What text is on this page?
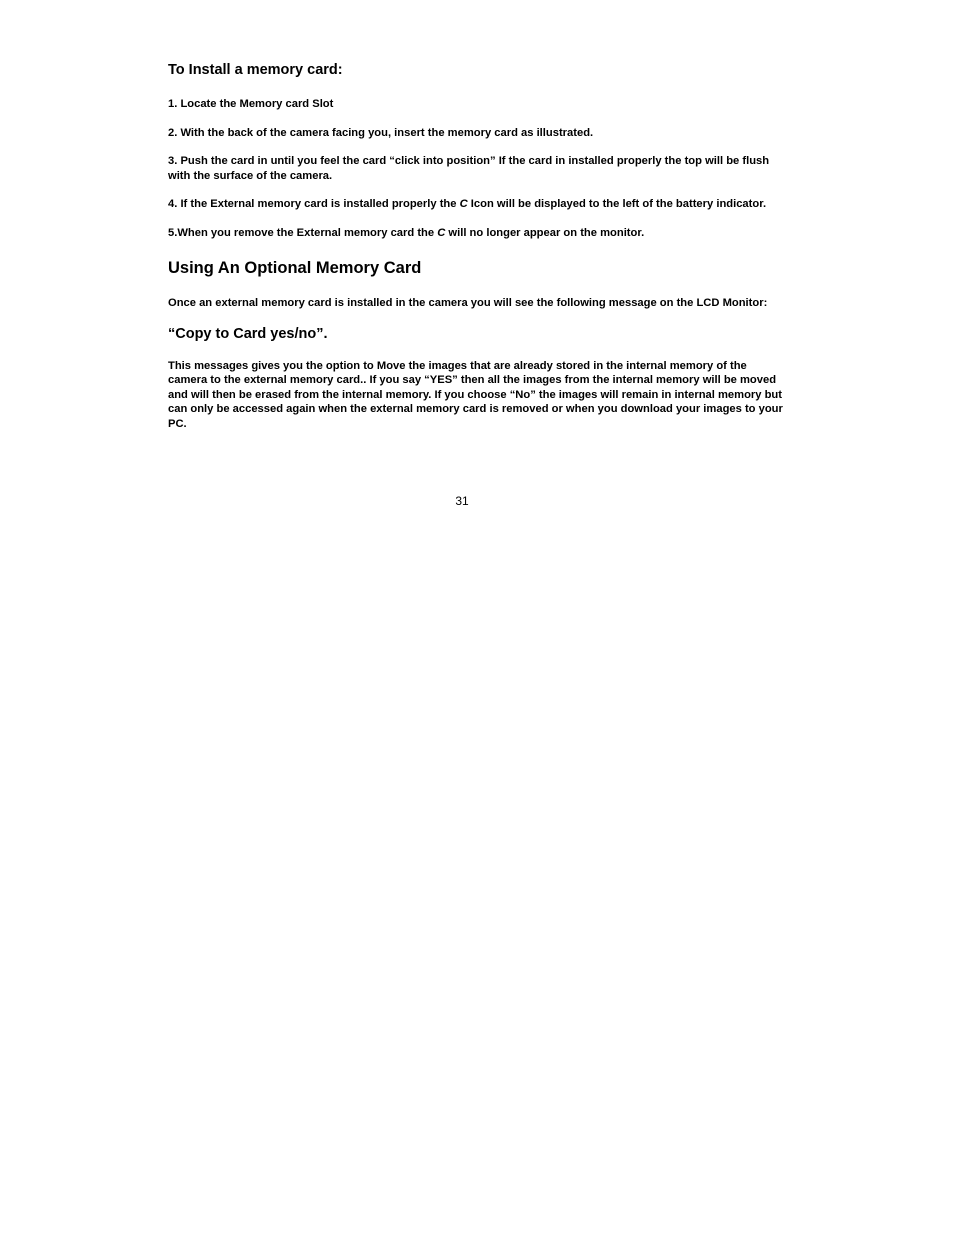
To Install a memory card:

1. Locate the Memory card Slot

2. With the back of the camera facing you, insert the memory card as illustrated.

3. Push the card in until you feel the card “click into position” If the card in installed properly the top will be flush with the surface of the camera.

4. If the External memory card is installed properly the C Icon will be displayed to the left of the battery indicator.

5.When you remove the External memory card the C will no longer appear on the monitor.

Using An Optional Memory Card

Once an external memory card is installed in the camera you will see the following message on the LCD Monitor:

“Copy to Card yes/no”.

This messages gives you the option to Move the images that are already stored in the internal memory of the camera to the external memory card.. If you say “YES” then all the images from the internal memory will be moved and will then be erased from the internal memory. If you choose “No” the images will remain in internal memory but can only be accessed again when the external memory card is removed or when you download your images to your PC.

31
